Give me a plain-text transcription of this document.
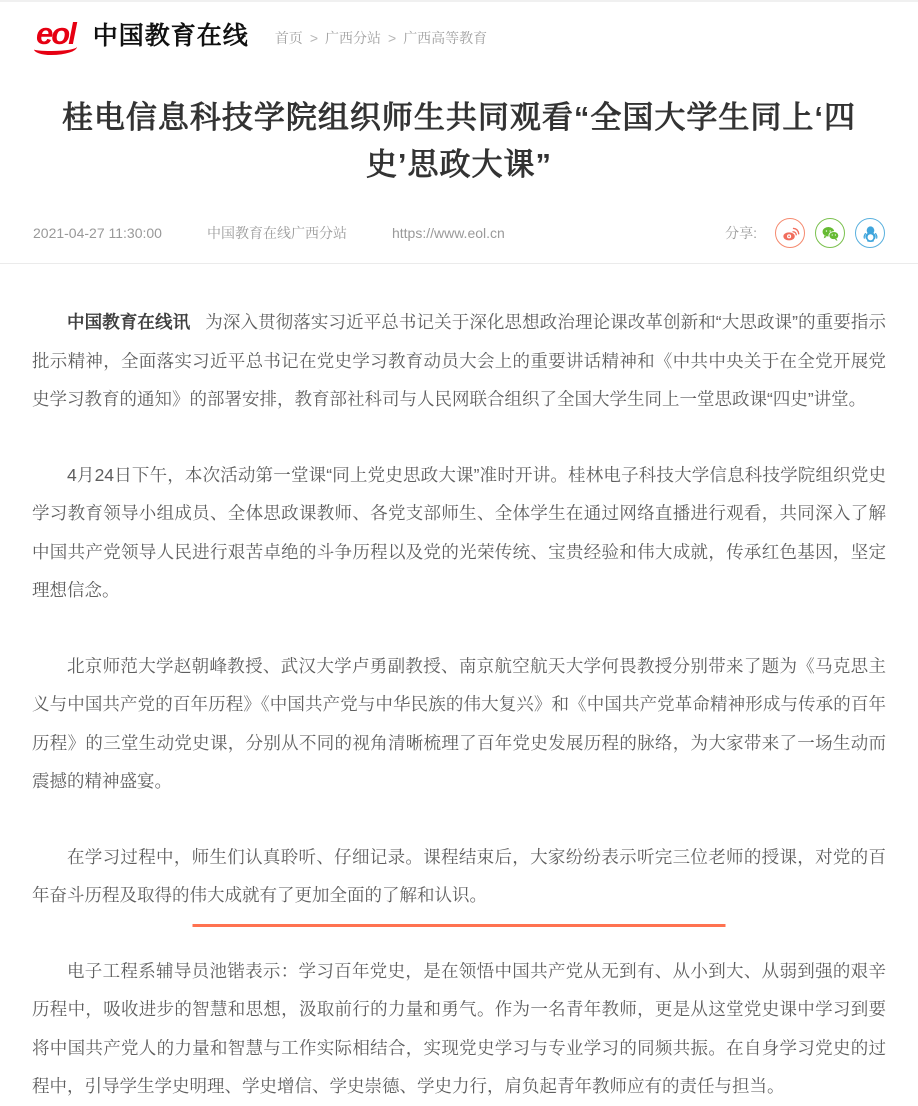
eol 中国教育在线 首页 > 广西分站 > 广西高等教育
桂电信息科技学院组织师生共同观看“全国大学生同上‘四史’思政大课”
2021-04-27 11:30:00	中国教育在线广西分站	https://www.eol.cn	分享:

中国教育在线讯 为深入贯彻落实习近平总书记关于深化思想政治理论课改革创新和“大思政课”的重要指示批示精神，全面落实习近平总书记在党史学习教育动员大会上的重要讲话精神和《中共中央关于在全党开展党史学习教育的通知》的部署安排，教育部社科司与人民网联合组织了全国大学生同上一堂思政课“四史”讲堂。

4月24日下午，本次活动第一堂课“同上党史思政大课”准时开讲。桂林电子科技大学信息科技学院组织党史学习教育领导小组成员、全体思政课教师、各党支部师生、全体学生在通过网络直播进行观看，共同深入了解中国共产党领导人民进行艰苦卓绝的斗争历程以及党的光荣传统、宝贵经验和伟大成就，传承红色基因，坚定理想信念。

北京师范大学赵朝峰教授、武汉大学卢勇副教授、南京航空航天大学何畏教授分别带来了题为《马克思主义与中国共产党的百年历程》《中国共产党与中华民族的伟大复兴》和《中国共产党革命精神形成与传承的百年历程》的三堂生动党史课，分别从不同的视角清晰梳理了百年党史发展历程的脉络，为大家带来了一场生动而震撼的精神盛宴。

在学习过程中，师生们认真聆听、仔细记录。课程结束后，大家纷纷表示听完三位老师的授课，对党的百年奋斗历程及取得的伟大成就有了更加全面的了解和认识。

电子工程系辅导员池锴表示：学习百年党史，是在领悟中国共产党从无到有、从小到大、从弱到强的艰辛历程中，吸收进步的智慧和思想，汲取前行的力量和勇气。作为一名青年教师，更是从这堂党史课中学习到要将中国共产党人的力量和智慧与工作实际相结合，实现党史学习与专业学习的同频共振。在自身学习党史的过程中，引导学生学史明理、学史增信、学史崇德、学史力行，肩负起青年教师应有的责任与担当。
